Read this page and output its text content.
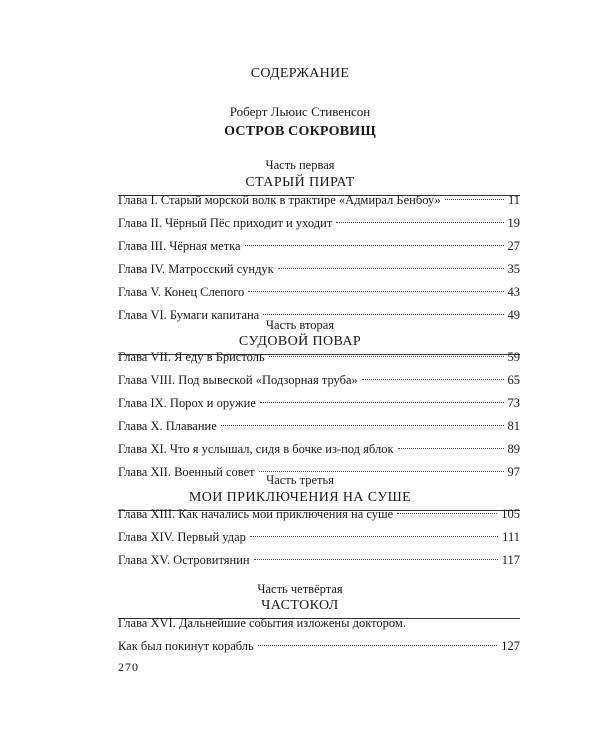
СОДЕРЖАНИЕ
Роберт Льюис Стивенсон
ОСТРОВ СОКРОВИЩ
Часть первая
СТАРЫЙ ПИРАТ
Глава I. Старый морской волк в трактире «Адмирал Бенбоу»	11
Глава II. Чёрный Пёс приходит и уходит	19
Глава III. Чёрная метка	27
Глава IV. Матросский сундук	35
Глава V. Конец Слепого	43
Глава VI. Бумаги капитана	49
Часть вторая
СУДОВОЙ ПОВАР
Глава VII. Я еду в Бристоль	59
Глава VIII. Под вывеской «Подзорная труба»	65
Глава IX. Порох и оружие	73
Глава X. Плавание	81
Глава XI. Что я услышал, сидя в бочке из-под яблок	89
Глава XII. Военный совет	97
Часть третья
МОИ ПРИКЛЮЧЕНИЯ НА СУШЕ
Глава XIII. Как начались мои приключения на суше	105
Глава XIV. Первый удар	111
Глава XV. Островитянин	117
Часть четвёртая
ЧАСТОКОЛ
Глава XVI. Дальнейшие события изложены доктором.
Как был покинут корабль	127
270
